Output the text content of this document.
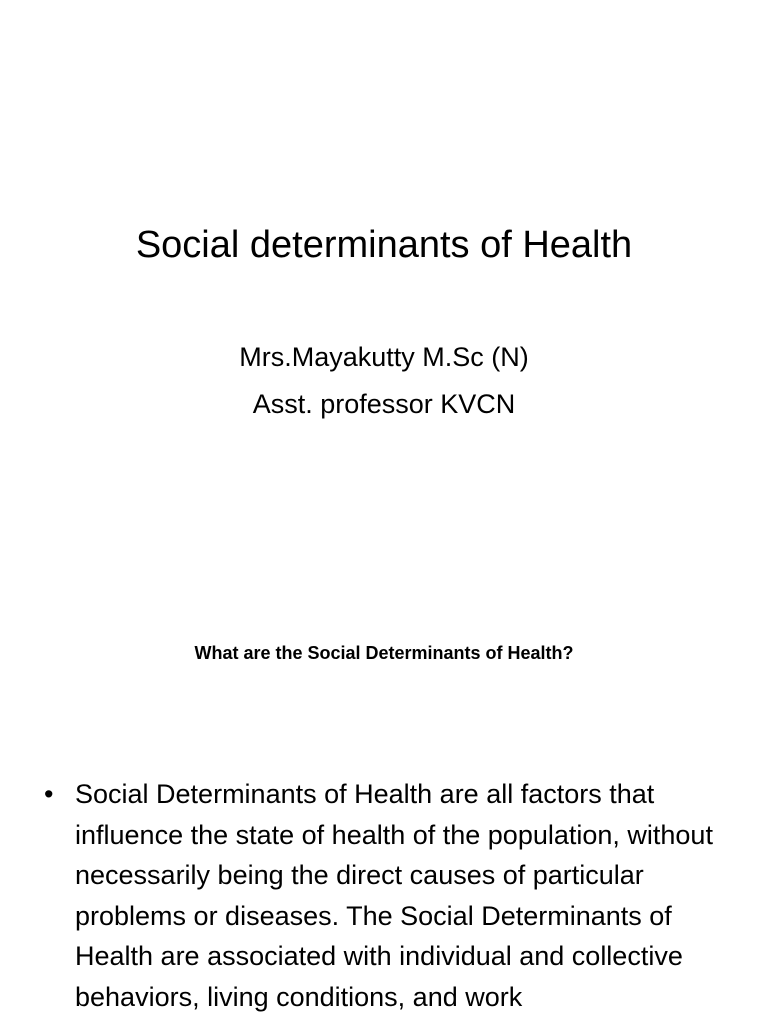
Social determinants of Health
Mrs.Mayakutty M.Sc (N)
Asst. professor KVCN
What are the Social Determinants of Health?
• Social Determinants of Health are all factors that influence the state of health of the population, without necessarily being the direct causes of particular problems or diseases. The Social Determinants of Health are associated with individual and collective behaviors, living conditions, and work
